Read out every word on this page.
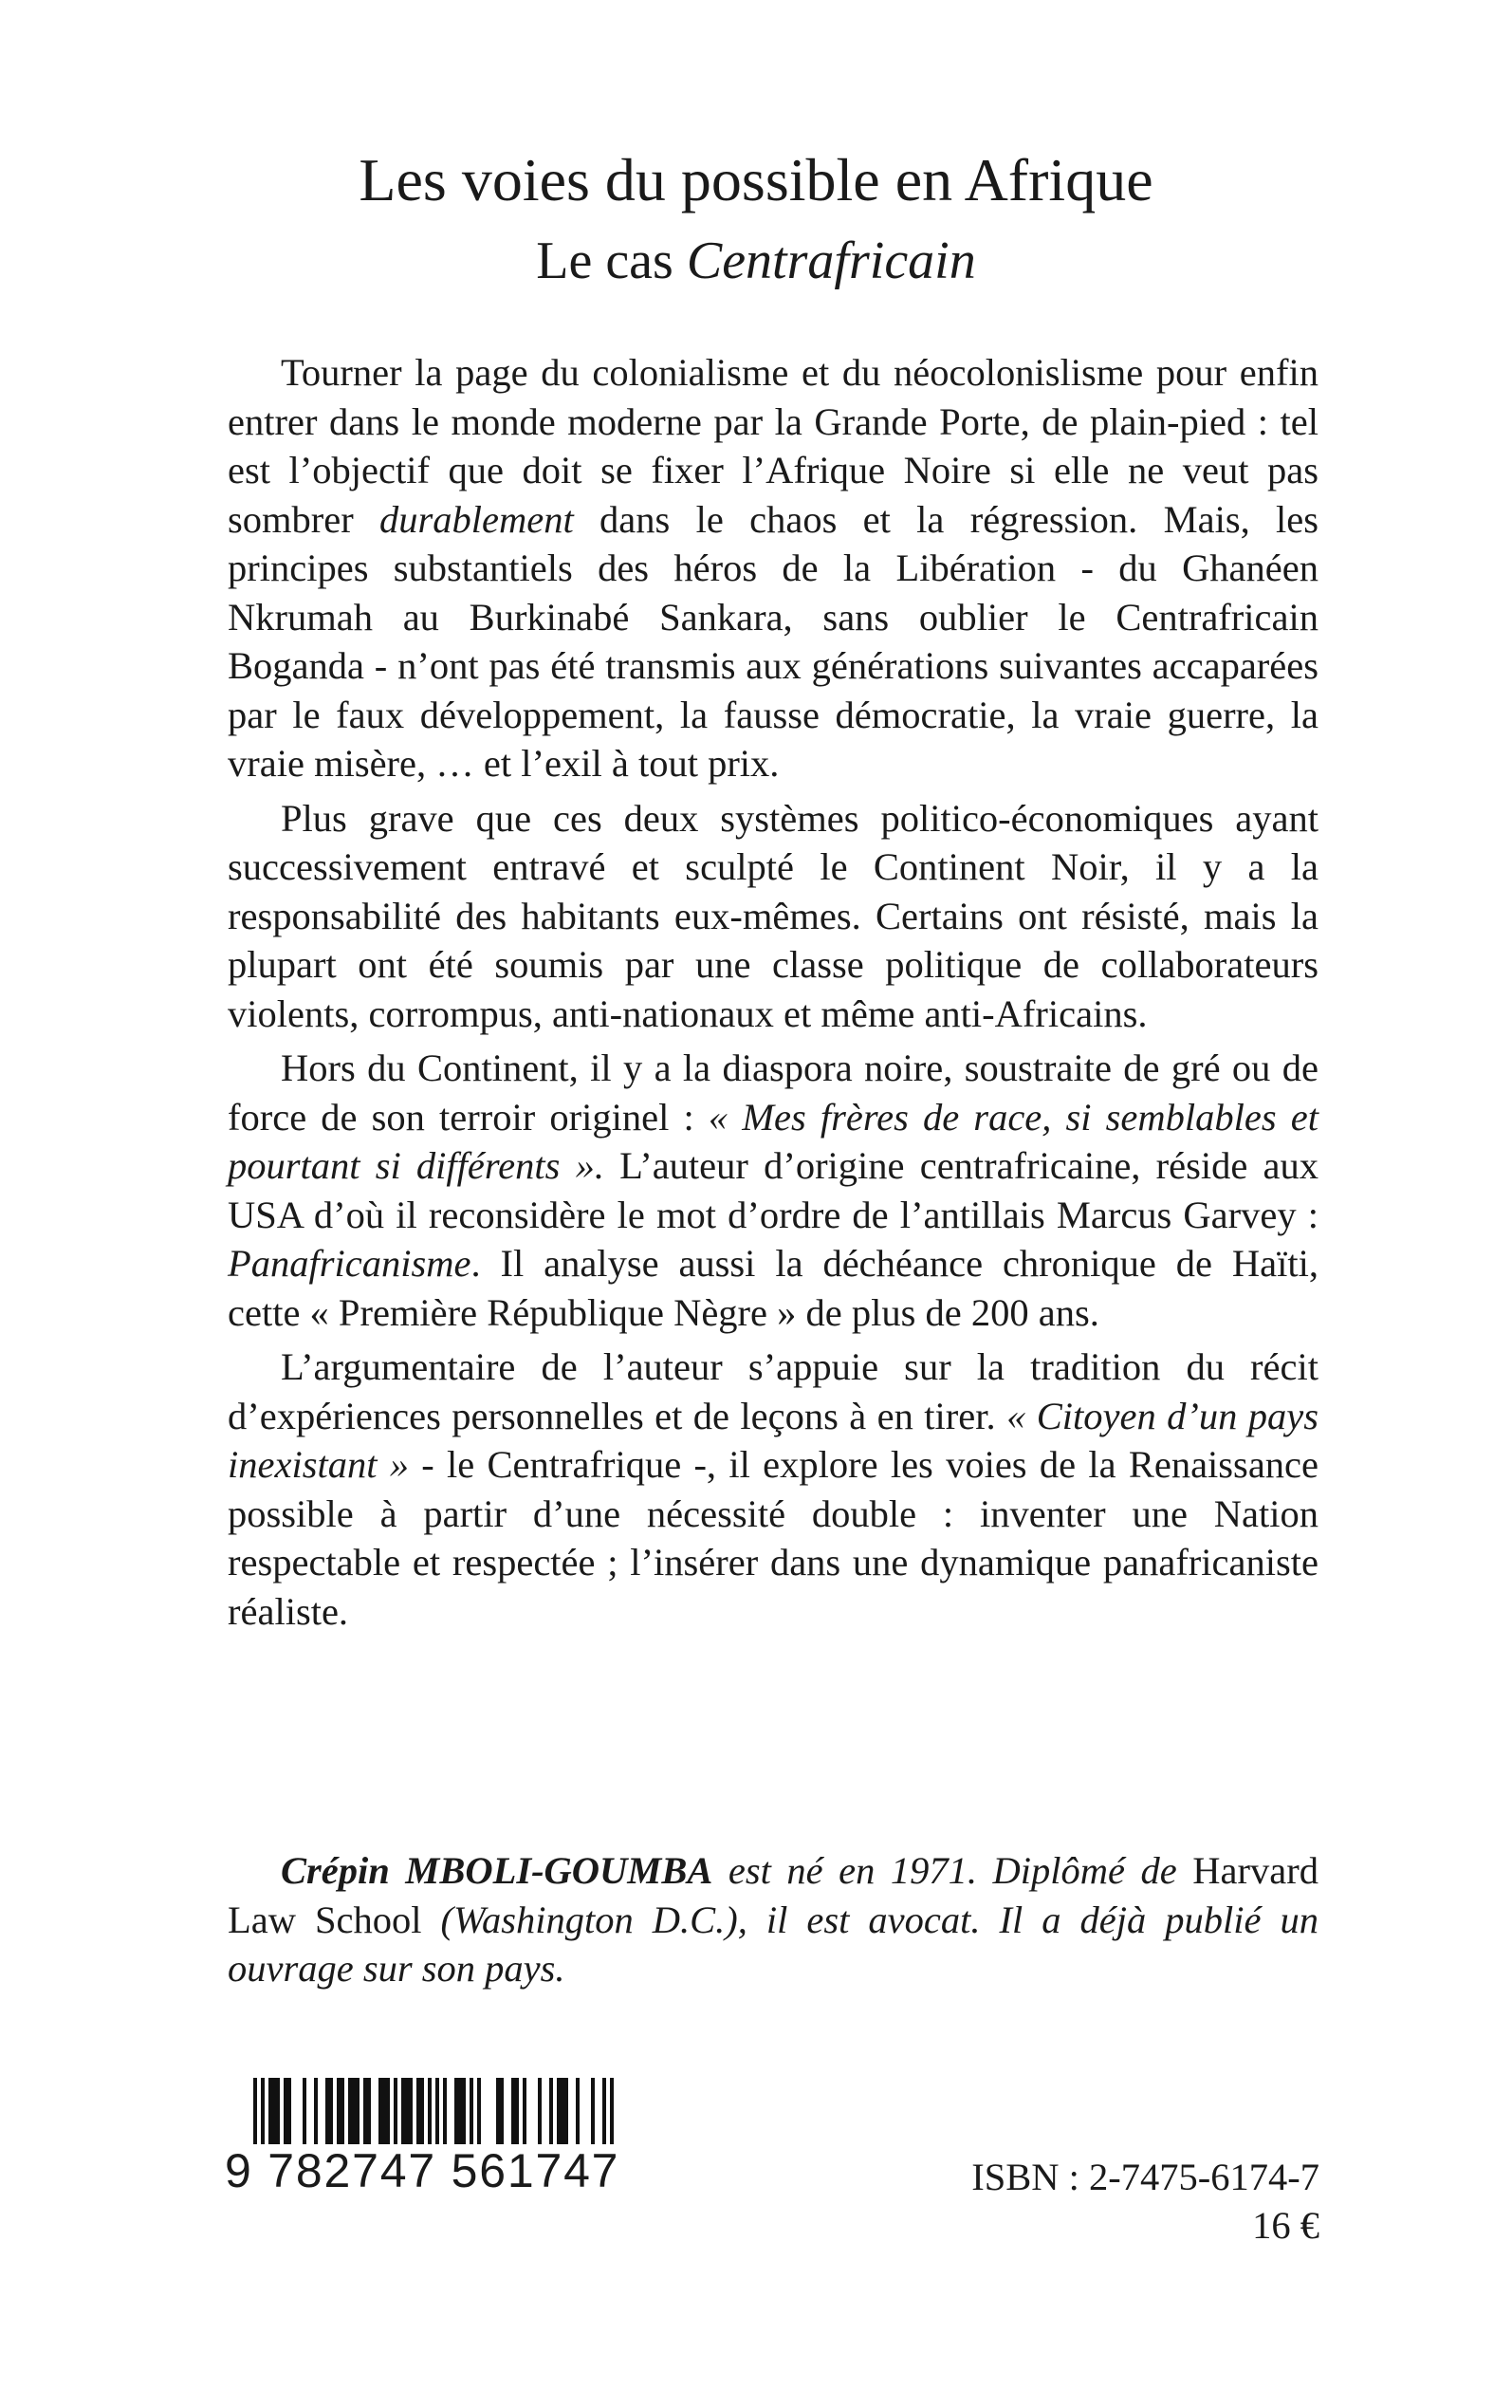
Les voies du possible en Afrique
Le cas Centrafricain

Tourner la page du colonialisme et du néocolonislisme pour enfin entrer dans le monde moderne par la Grande Porte, de plain-pied : tel est l’objectif que doit se fixer l’Afrique Noire si elle ne veut pas sombrer durablement dans le chaos et la régression. Mais, les principes substantiels des héros de la Libération - du Ghanéen Nkrumah au Burkinabé Sankara, sans oublier le Centrafricain Boganda - n’ont pas été transmis aux générations suivantes accaparées par le faux développement, la fausse démocratie, la vraie guerre, la vraie misère, … et l’exil à tout prix.

Plus grave que ces deux systèmes politico-économiques ayant successivement entravé et sculpté le Continent Noir, il y a la responsabilité des habitants eux-mêmes. Certains ont résisté, mais la plupart ont été soumis par une classe politique de collaborateurs violents, corrompus, anti-nationaux et même anti-Africains.

Hors du Continent, il y a la diaspora noire, soustraite de gré ou de force de son terroir originel : « Mes frères de race, si semblables et pourtant si différents ». L’auteur d’origine centrafricaine, réside aux USA d’où il reconsidère le mot d’ordre de l’antillais Marcus Garvey : Panafricanisme. Il analyse aussi la déchéance chronique de Haïti, cette « Première République Nègre » de plus de 200 ans.

L’argumentaire de l’auteur s’appuie sur la tradition du récit d’expériences personnelles et de leçons à en tirer. « Citoyen d’un pays inexistant » - le Centrafrique -, il explore les voies de la Renaissance possible à partir d’une nécessité double : inventer une Nation respectable et respectée ; l’insérer dans une dynamique panafricaniste réaliste.

Crépin MBOLI-GOUMBA est né en 1971. Diplômé de Harvard Law School (Washington D.C.), il est avocat. Il a déjà publié un ouvrage sur son pays.

9 782747 561747	ISBN : 2-7475-6174-7
16 €
